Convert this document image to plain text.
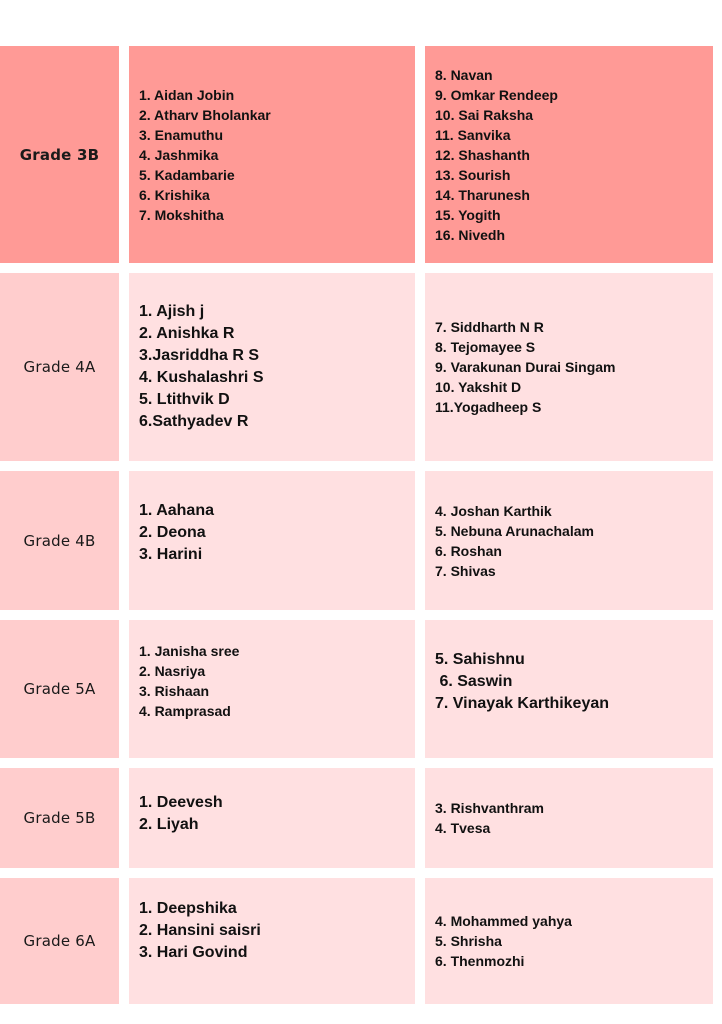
Grade 3B
1. Aidan Jobin
2. Atharv Bholankar
3. Enamuthu
4. Jashmika
5. Kadambarie
6. Krishika
7. Mokshitha
8. Navan
9. Omkar Rendeep
10. Sai Raksha
11. Sanvika
12. Shashanth
13. Sourish
14. Tharunesh
15. Yogith
16. Nivedh
Grade 4A
1. Ajish j
2. Anishka R
3.Jasriddha R S
4. Kushalashri S
5. Ltithvik D
6.Sathyadev R
7. Siddharth N R
8. Tejomayee S
9. Varakunan Durai Singam
10. Yakshit D
11.Yogadheep S
Grade 4B
1. Aahana
2. Deona
3. Harini
4. Joshan Karthik
5. Nebuna Arunachalam
6. Roshan
7. Shivas
Grade 5A
1. Janisha sree
2. Nasriya
3. Rishaan
4. Ramprasad
5. Sahishnu
6. Saswin
7. Vinayak Karthikeyan
Grade 5B
1. Deevesh
2. Liyah
3. Rishvanthram
4. Tvesa
Grade 6A
1. Deepshika
2. Hansini saisri
3. Hari Govind
4. Mohammed yahya
5. Shrisha
6. Thenmozhi
